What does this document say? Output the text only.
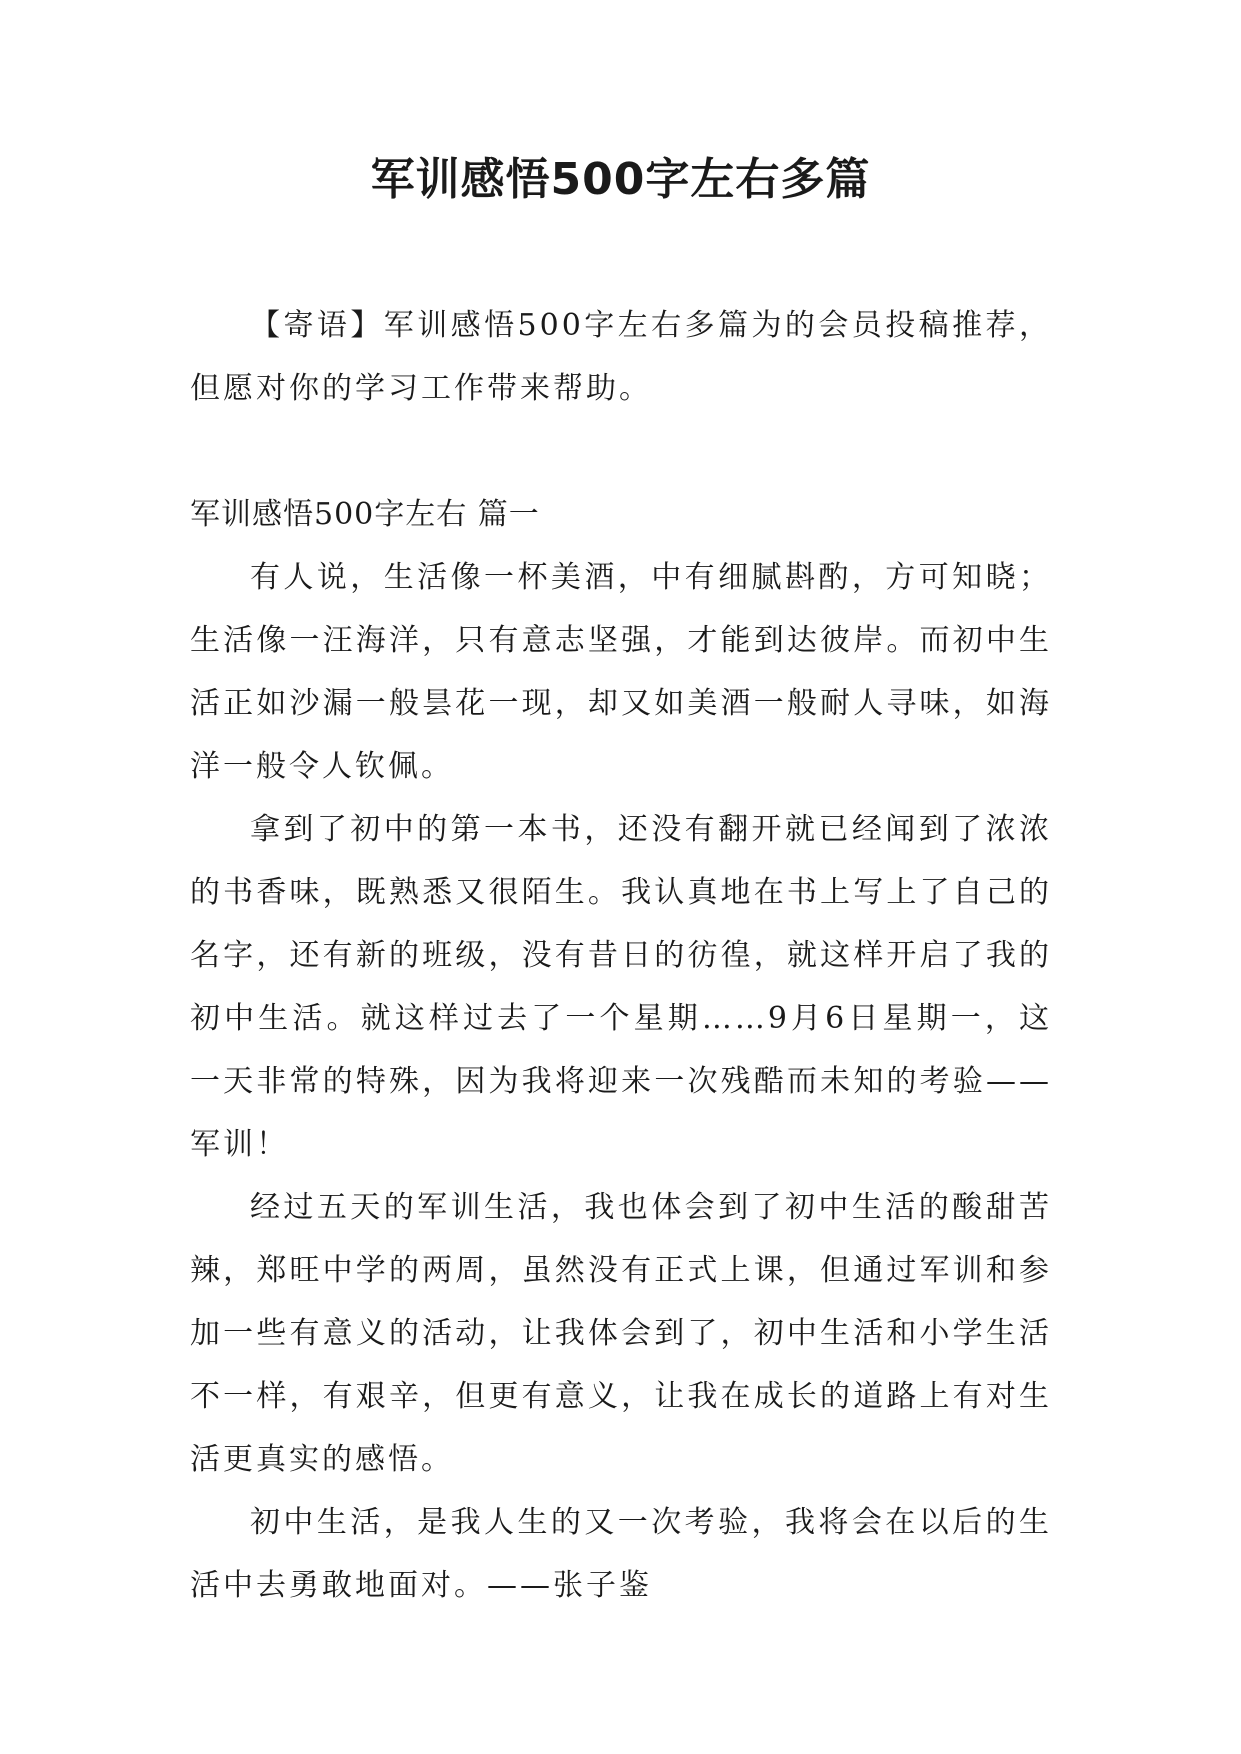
军训感悟500字左右多篇

【寄语】军训感悟500字左右多篇为的会员投稿推荐，但愿对你的学习工作带来帮助。

军训感悟500字左右 篇一

有人说，生活像一杯美酒，中有细腻斟酌，方可知晓；生活像一汪海洋，只有意志坚强，才能到达彼岸。而初中生活正如沙漏一般昙花一现，却又如美酒一般耐人寻味，如海洋一般令人钦佩。

拿到了初中的第一本书，还没有翻开就已经闻到了浓浓的书香味，既熟悉又很陌生。我认真地在书上写上了自己的名字，还有新的班级，没有昔日的彷徨，就这样开启了我的初中生活。就这样过去了一个星期……9月6日星期一，这一天非常的特殊，因为我将迎来一次残酷而未知的考验——军训！

经过五天的军训生活，我也体会到了初中生活的酸甜苦辣，郑旺中学的两周，虽然没有正式上课，但通过军训和参加一些有意义的活动，让我体会到了，初中生活和小学生活不一样，有艰辛，但更有意义，让我在成长的道路上有对生活更真实的感悟。

初中生活，是我人生的又一次考验，我将会在以后的生活中去勇敢地面对。——张子鉴
